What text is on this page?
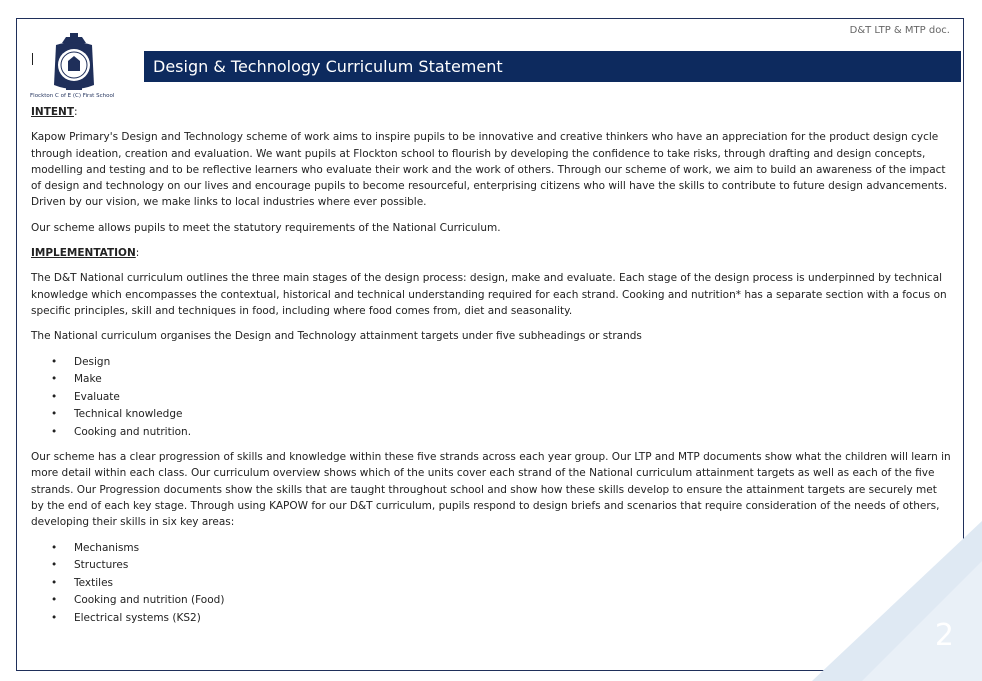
D&T LTP & MTP doc.
Flockton C of E (C) First School
Design & Technology Curriculum Statement

INTENT:

Kapow Primary's Design and Technology scheme of work aims to inspire pupils to be innovative and creative thinkers who have an appreciation for the product design cycle through ideation, creation and evaluation. We want pupils at Flockton school to flourish by developing the confidence to take risks, through drafting and design concepts, modelling and testing and to be reflective learners who evaluate their work and the work of others. Through our scheme of work, we aim to build an awareness of the impact of design and technology on our lives and encourage pupils to become resourceful, enterprising citizens who will have the skills to contribute to future design advancements. Driven by our vision, we make links to local industries where ever possible.

Our scheme allows pupils to meet the statutory requirements of the National Curriculum.

IMPLEMENTATION:

The D&T National curriculum outlines the three main stages of the design process: design, make and evaluate. Each stage of the design process is underpinned by technical knowledge which encompasses the contextual, historical and technical understanding required for each strand. Cooking and nutrition* has a separate section with a focus on specific principles, skill and techniques in food, including where food comes from, diet and seasonality.

The National curriculum organises the Design and Technology attainment targets under five subheadings or strands

• Design
• Make
• Evaluate
• Technical knowledge
• Cooking and nutrition.

Our scheme has a clear progression of skills and knowledge within these five strands across each year group. Our LTP and MTP documents show what the children will learn in more detail within each class. Our curriculum overview shows which of the units cover each strand of the National curriculum attainment targets as well as each of the five strands. Our Progression documents show the skills that are taught throughout school and show how these skills develop to ensure the attainment targets are securely met by the end of each key stage. Through using KAPOW for our D&T curriculum, pupils respond to design briefs and scenarios that require consideration of the needs of others, developing their skills in six key areas:

• Mechanisms
• Structures
• Textiles
• Cooking and nutrition (Food)
• Electrical systems (KS2)
2
